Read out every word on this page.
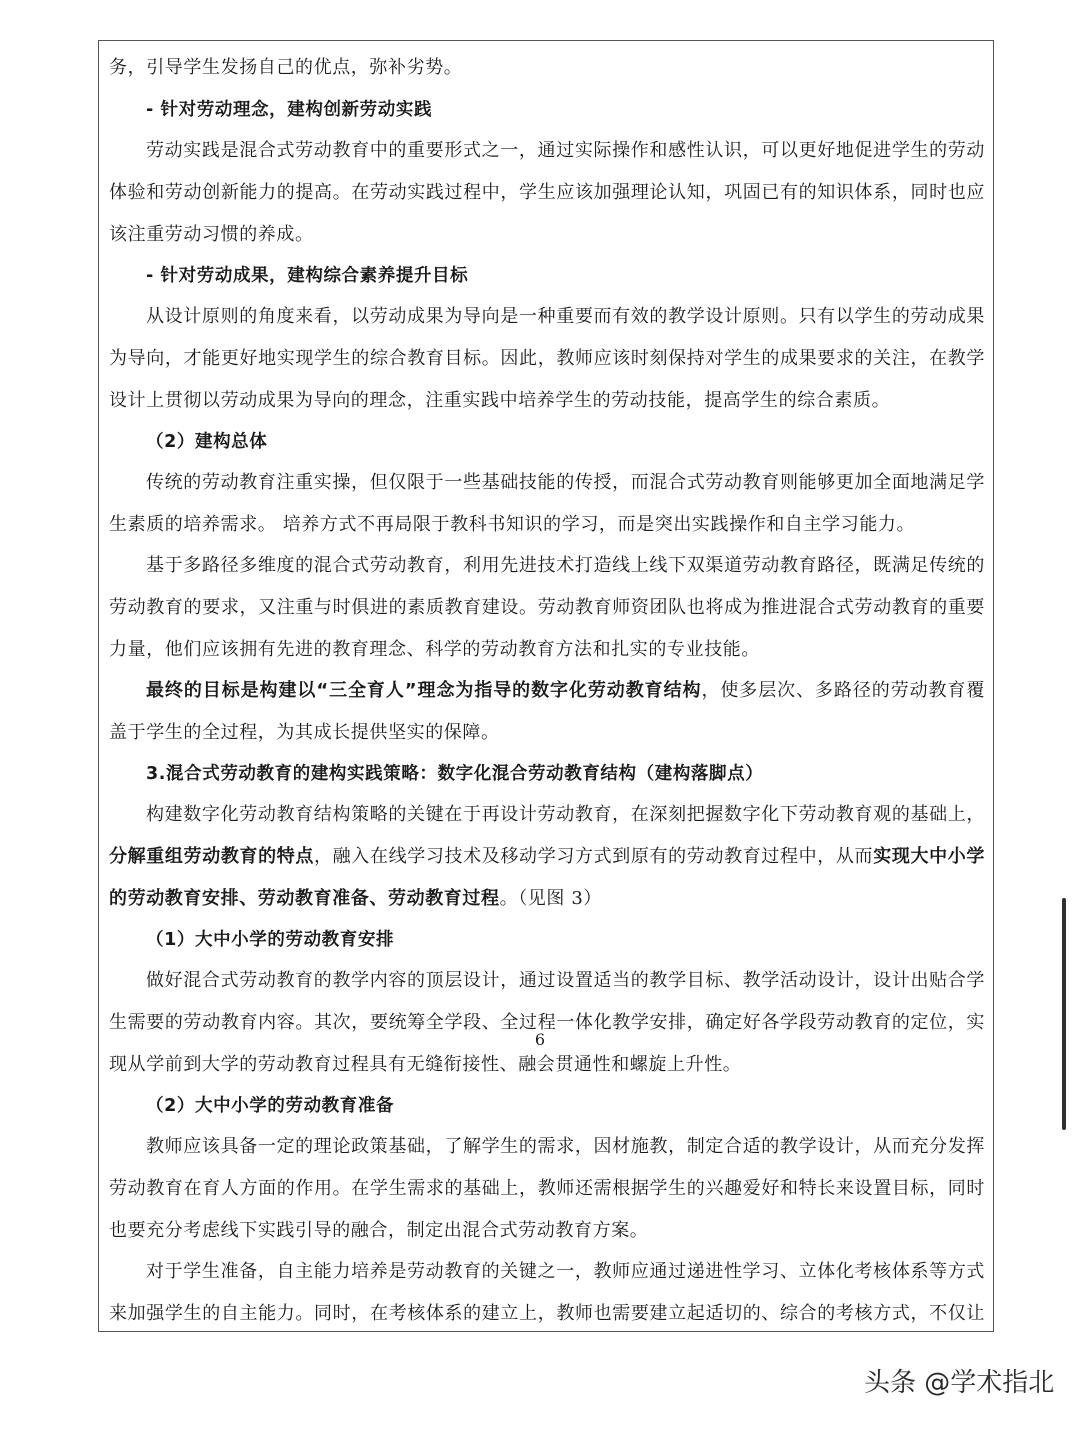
务，引导学生发扬自己的优点，弥补劣势。
- 针对劳动理念，建构创新劳动实践
劳动实践是混合式劳动教育中的重要形式之一，通过实际操作和感性认识，可以更好地促进学生的劳动
体验和劳动创新能力的提高。在劳动实践过程中，学生应该加强理论认知，巩固已有的知识体系，同时也应
该注重劳动习惯的养成。
- 针对劳动成果，建构综合素养提升目标
从设计原则的角度来看，以劳动成果为导向是一种重要而有效的教学设计原则。只有以学生的劳动成果
为导向，才能更好地实现学生的综合教育目标。因此，教师应该时刻保持对学生的成果要求的关注，在教学
设计上贯彻以劳动成果为导向的理念，注重实践中培养学生的劳动技能，提高学生的综合素质。
（2）建构总体
传统的劳动教育注重实操，但仅限于一些基础技能的传授，而混合式劳动教育则能够更加全面地满足学
生素质的培养需求。 培养方式不再局限于教科书知识的学习，而是突出实践操作和自主学习能力。
基于多路径多维度的混合式劳动教育，利用先进技术打造线上线下双渠道劳动教育路径，既满足传统的
劳动教育的要求，又注重与时俱进的素质教育建设。劳动教育师资团队也将成为推进混合式劳动教育的重要
力量，他们应该拥有先进的教育理念、科学的劳动教育方法和扎实的专业技能。
最终的目标是构建以“三全育人”理念为指导的数字化劳动教育结构，使多层次、多路径的劳动教育覆
盖于学生的全过程，为其成长提供坚实的保障。
3.混合式劳动教育的建构实践策略：数字化混合劳动教育结构（建构落脚点）
构建数字化劳动教育结构策略的关键在于再设计劳动教育，在深刻把握数字化下劳动教育观的基础上，
分解重组劳动教育的特点，融入在线学习技术及移动学习方式到原有的劳动教育过程中，从而实现大中小学
的劳动教育安排、劳动教育准备、劳动教育过程。（见图 3）
（1）大中小学的劳动教育安排
做好混合式劳动教育的教学内容的顶层设计，通过设置适当的教学目标、教学活动设计，设计出贴合学
生需要的劳动教育内容。其次，要统筹全学段、全过程一体化教学安排，确定好各学段劳动教育的定位，实
现从学前到大学的劳动教育过程具有无缝衔接性、融会贯通性和螺旋上升性。
（2）大中小学的劳动教育准备
教师应该具备一定的理论政策基础，了解学生的需求，因材施教，制定合适的教学设计，从而充分发挥
劳动教育在育人方面的作用。在学生需求的基础上，教师还需根据学生的兴趣爱好和特长来设置目标，同时
也要充分考虑线下实践引导的融合，制定出混合式劳动教育方案。
对于学生准备，自主能力培养是劳动教育的关键之一，教师应通过递进性学习、立体化考核体系等方式
来加强学生的自主能力。同时，在考核体系的建立上，教师也需要建立起适切的、综合的考核方式，不仅让
6
头条 @学术指北
